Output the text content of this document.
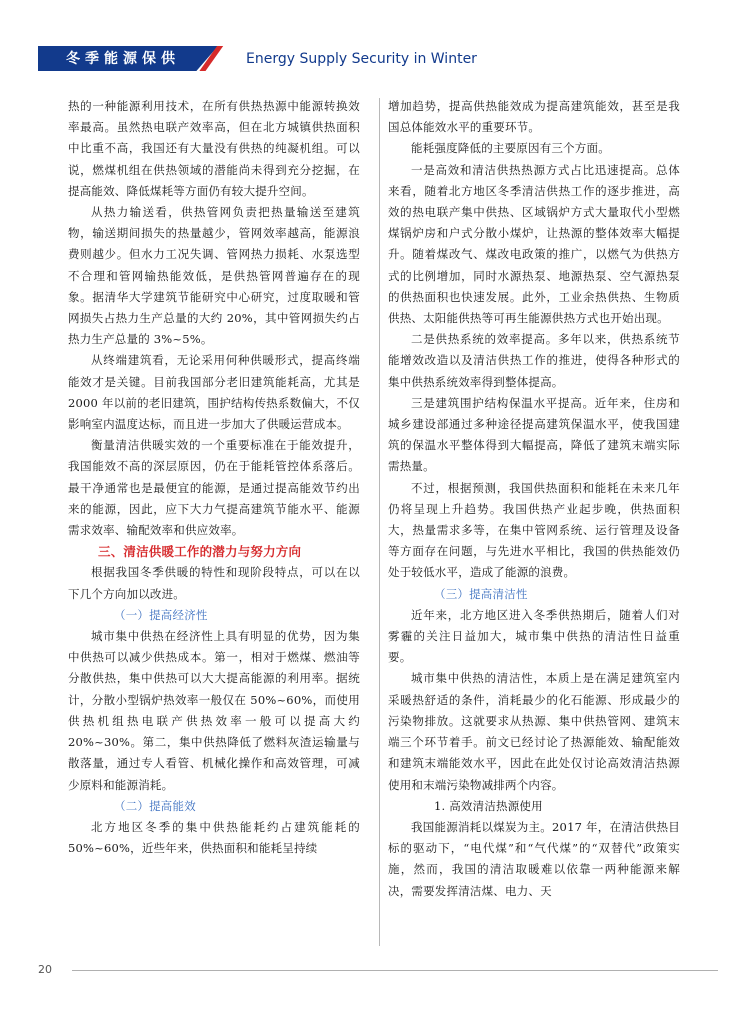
冬季能源保供	Energy Supply Security in Winter

热的一种能源利用技术，在所有供热热源中能源转换效率最高。虽然热电联产效率高，但在北方城镇供热面积中比重不高，我国还有大量没有供热的纯凝机组。可以说，燃煤机组在供热领域的潜能尚未得到充分挖掘，在提高能效、降低煤耗等方面仍有较大提升空间。

从热力输送看，供热管网负责把热量输送至建筑物，输送期间损失的热量越少，管网效率越高，能源浪费则越少。但水力工况失调、管网热力损耗、水泵选型不合理和管网输热能效低，是供热管网普遍存在的现象。据清华大学建筑节能研究中心研究，过度取暖和管网损失占热力生产总量的大约 20%，其中管网损失约占热力生产总量的 3%~5%。

从终端建筑看，无论采用何种供暖形式，提高终端能效才是关键。目前我国部分老旧建筑能耗高，尤其是 2000 年以前的老旧建筑，围护结构传热系数偏大，不仅影响室内温度达标，而且进一步加大了供暖运营成本。

衡量清洁供暖实效的一个重要标准在于能效提升，我国能效不高的深层原因，仍在于能耗管控体系落后。最干净通常也是最便宜的能源，是通过提高能效节约出来的能源，因此，应下大力气提高建筑节能水平、能源需求效率、输配效率和供应效率。

三、清洁供暖工作的潜力与努力方向

根据我国冬季供暖的特性和现阶段特点，可以在以下几个方向加以改进。

（一）提高经济性

城市集中供热在经济性上具有明显的优势，因为集中供热可以减少供热成本。第一，相对于燃煤、燃油等分散供热，集中供热可以大大提高能源的利用率。据统计，分散小型锅炉热效率一般仅在 50%~60%，而使用供热机组热电联产供热效率一般可以提高大约 20%~30%。第二，集中供热降低了燃料灰渣运输量与散落量，通过专人看管、机械化操作和高效管理，可减少原料和能源消耗。

（二）提高能效

北方地区冬季的集中供热能耗约占建筑能耗的 50%~60%，近些年来，供热面积和能耗呈持续

增加趋势，提高供热能效成为提高建筑能效，甚至是我国总体能效水平的重要环节。

能耗强度降低的主要原因有三个方面。

一是高效和清洁供热热源方式占比迅速提高。总体来看，随着北方地区冬季清洁供热工作的逐步推进，高效的热电联产集中供热、区域锅炉方式大量取代小型燃煤锅炉房和户式分散小煤炉，让热源的整体效率大幅提升。随着煤改气、煤改电政策的推广，以燃气为供热方式的比例增加，同时水源热泵、地源热泵、空气源热泵的供热面积也快速发展。此外，工业余热供热、生物质供热、太阳能供热等可再生能源供热方式也开始出现。

二是供热系统的效率提高。多年以来，供热系统节能增效改造以及清洁供热工作的推进，使得各种形式的集中供热系统效率得到整体提高。

三是建筑围护结构保温水平提高。近年来，住房和城乡建设部通过多种途径提高建筑保温水平，使我国建筑的保温水平整体得到大幅提高，降低了建筑末端实际需热量。

不过，根据预测，我国供热面积和能耗在未来几年仍将呈现上升趋势。我国供热产业起步晚，供热面积大，热量需求多等，在集中管网系统、运行管理及设备等方面存在问题，与先进水平相比，我国的供热能效仍处于较低水平，造成了能源的浪费。

（三）提高清洁性

近年来，北方地区进入冬季供热期后，随着人们对雾霾的关注日益加大，城市集中供热的清洁性日益重要。

城市集中供热的清洁性，本质上是在满足建筑室内采暖热舒适的条件，消耗最少的化石能源、形成最少的污染物排放。这就要求从热源、集中供热管网、建筑末端三个环节着手。前文已经讨论了热源能效、输配能效和建筑末端能效水平，因此在此处仅讨论高效清洁热源使用和末端污染物减排两个内容。

1. 高效清洁热源使用

我国能源消耗以煤炭为主。2017 年，在清洁供热目标的驱动下，“电代煤”和“气代煤”的“双替代”政策实施，然而，我国的清洁取暖难以依靠一两种能源来解决，需要发挥清洁煤、电力、天

20
